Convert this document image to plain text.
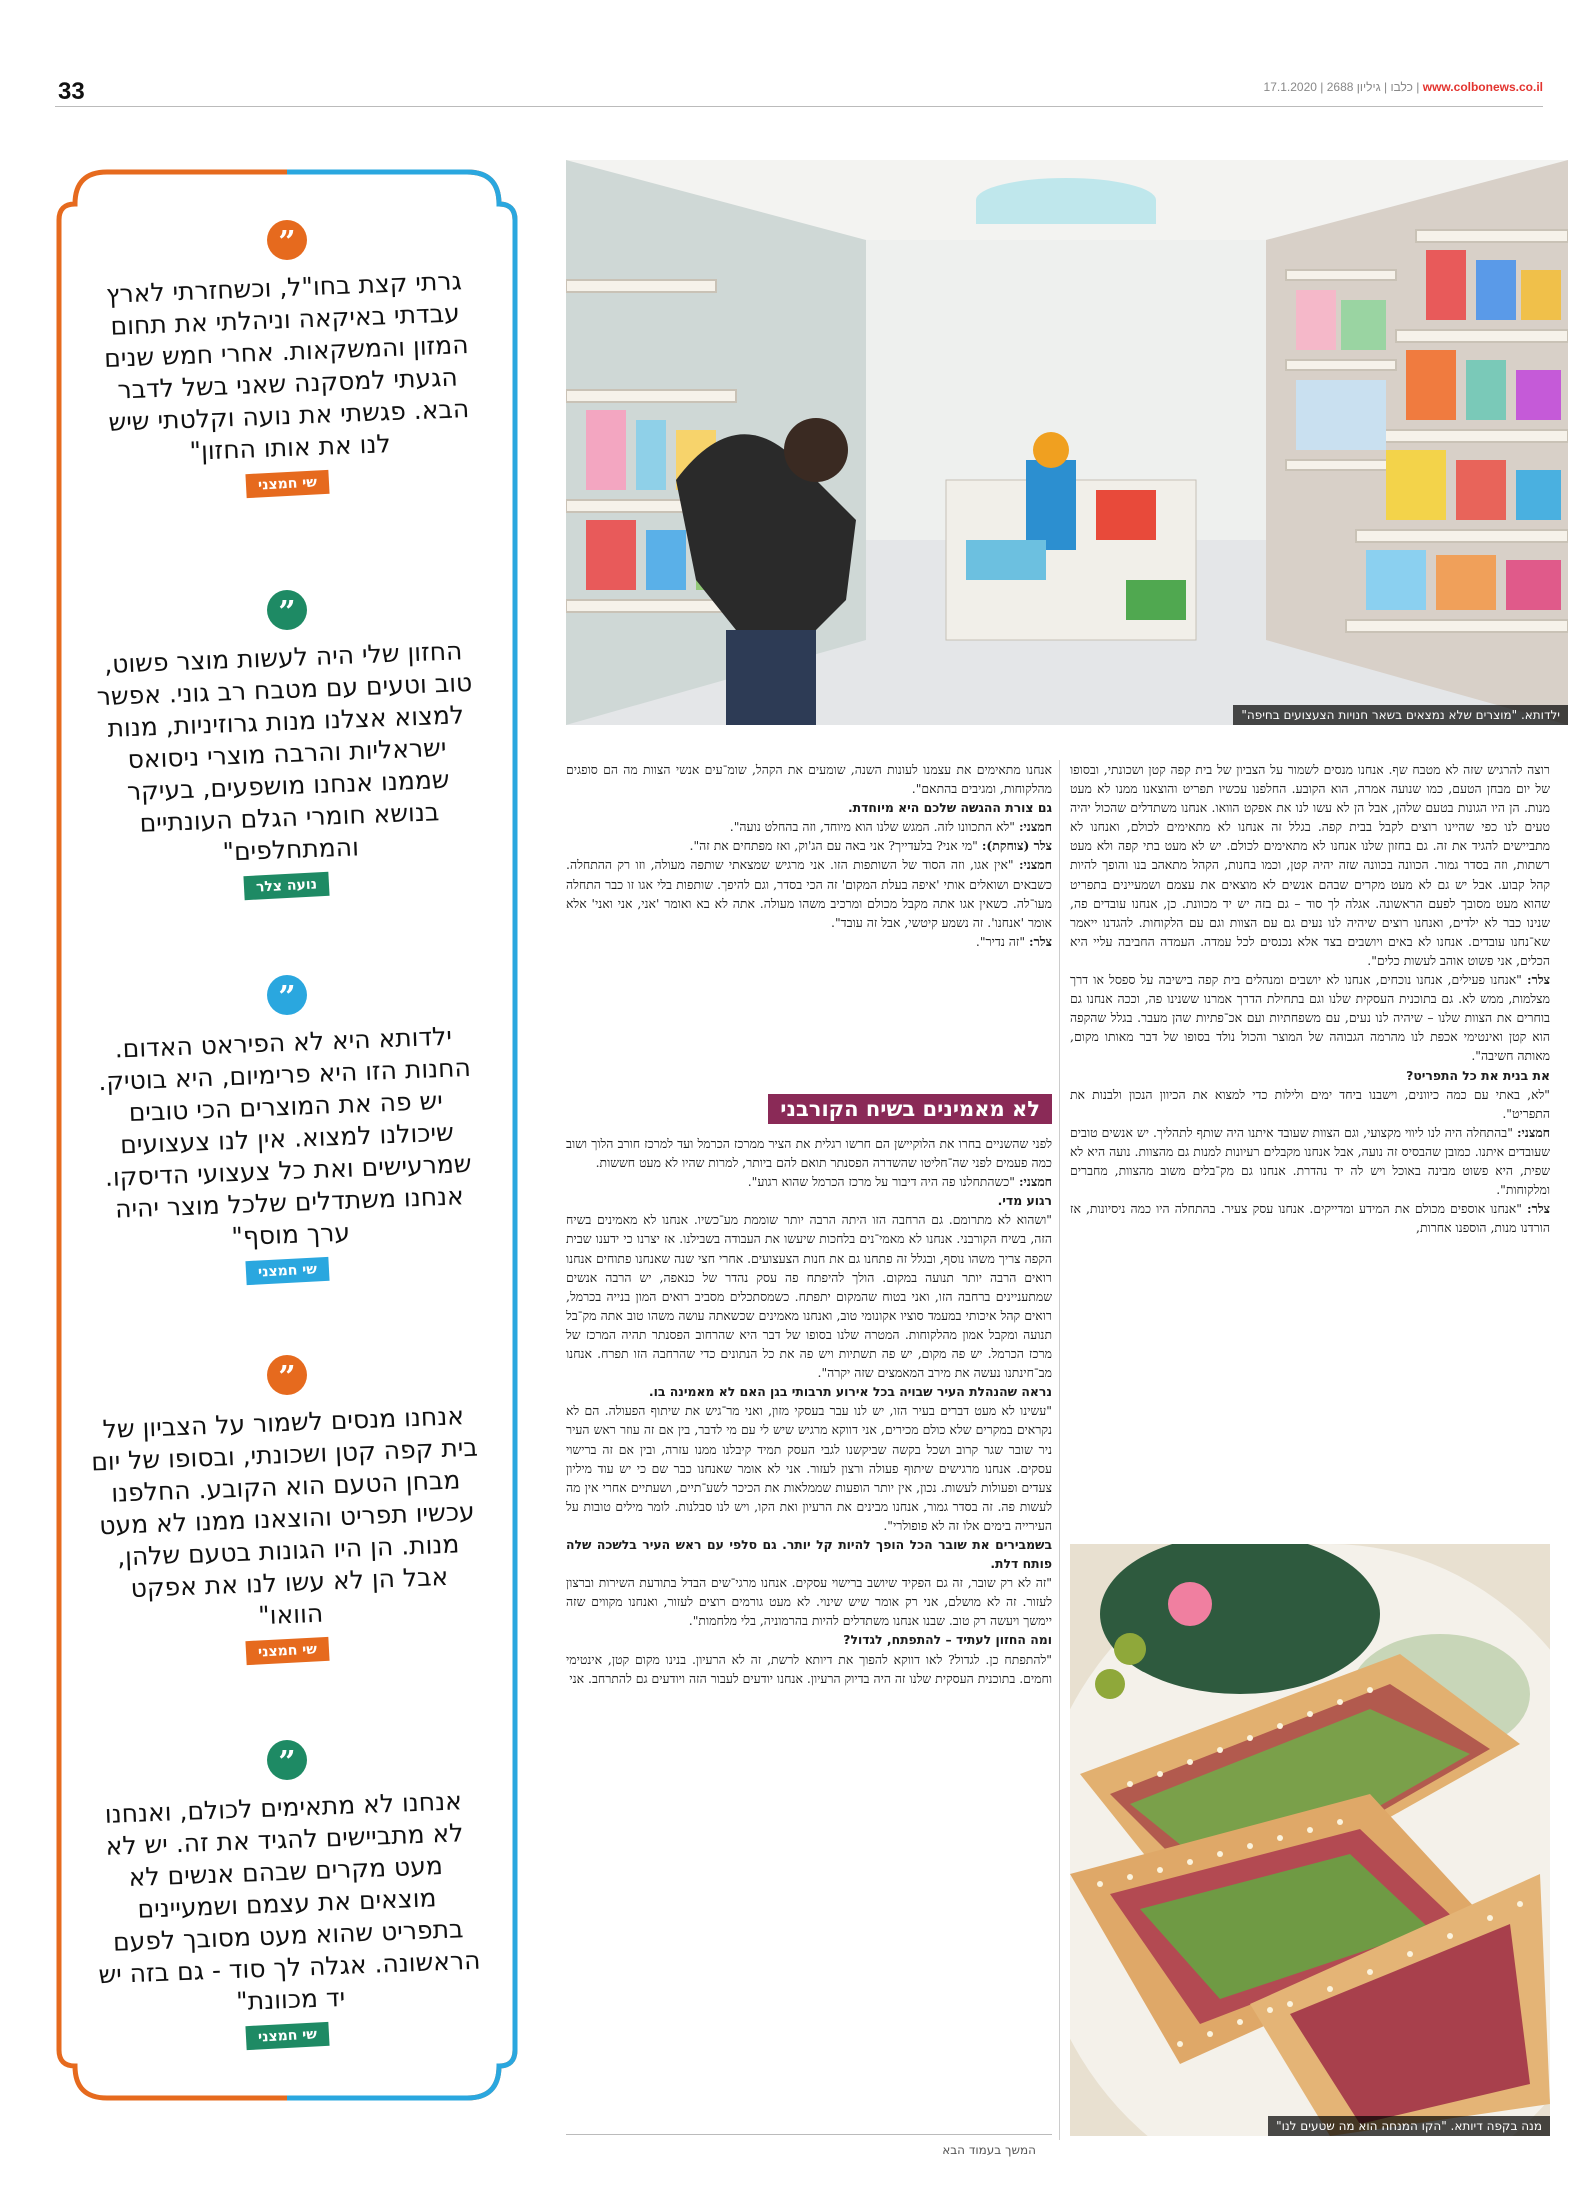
33	www.colbonews.co.il | כלבו | גיליון 2688 | 17.1.2020
”
גרתי קצת בחו"ל, וכשחזרתי לארץ עבדתי באיקאה וניהלתי את תחום המזון והמשקאות. אחרי חמש שנים הגעתי למסקנה שאני בשל לדבר הבא. פגשתי את נועה וקלטתי שיש לנו את אותו החזון"
שי חמצני
”
החזון שלי היה לעשות מוצר פשוט, טוב וטעים עם מטבח רב גוני. אפשר למצוא אצלנו מנות גרוזיניות, מנות ישראליות והרבה מוצרי ניסואס שממנו אנחנו מושפעים, בעיקר בנושא חומרי הגלם העונתיים והמתחלפים"
נועה צלר
”
ילדותא היא לא הפיראט האדום. החנות הזו היא פרימיום, היא בוטיק. יש פה את המוצרים הכי טובים שיכולנו למצוא. אין לנו צעצועים שמרעישים ואת כל צעצועי הדיסקו. אנחנו משתדלים שלכל מוצר יהיה ערך מוסף"
שי חמצני
”
אנחנו מנסים לשמור על הצביון של בית קפה קטן ושכונתי, ובסופו של יום מבחן הטעם הוא הקובע. החלפנו עכשיו תפריט והוצאנו ממנו לא מעט מנות. הן היו הגונות בטעם שלהן, אבל הן לא עשו לנו את אפקט הוואו"
שי חמצני
”
אנחנו לא מתאימים לכולם, ואנחנו לא מתביישים להגיד את זה. יש לא מעט מקרים שבהם אנשים לא מוצאים את עצמם ושמעיינים בתפריט שהוא מעט מסובך לפעם הראשונה. אגלה לך סוד - גם בזה יש יד מכוונת"
שי חמצני
ילדותא. "מוצרים שלא נמצאים בשאר חנויות הצעצועים בחיפה"

רוצה להרגיש שזה לא מטבח שף. אנחנו מנסים לשמור על הצביון של בית קפה קטן ושכונתי, ובסופו של יום מבחן הטעם, כמו שנועה אמרה, הוא הקובע. החלפנו עכשיו תפריט והוצאנו ממנו לא מעט מנות. הן היו הגונות בטעם שלהן, אבל הן לא עשו לנו את אפקט הוואו. אנחנו משתדלים שהכול יהיה טעים לנו כפי שהיינו רוצים לקבל בבית קפה. בגלל זה אנחנו לא מתאימים לכולם, ואנחנו לא מתביישים להגיד את זה. גם בחזון שלנו אנחנו לא מתאימים לכולם. יש לא מעט בתי קפה ולא מעט רשתות, וזה בסדר גמור. הכוונה בכוונה שזה יהיה קטן, וכמו בחנות, הקהל מתאהב בנו והופך להיות קהל קבוע. אבל יש גם לא מעט מקרים שבהם אנשים לא מוצאים את עצמם ושמעיינים בתפריט שהוא מעט מסובך לפעם הראשונה. אגלה לך סוד – גם בזה יש יד מכוונת. כן, אנחנו עובדים פה, שנינו כבר לא ילדים, ואנחנו רוצים שיהיה לנו נעים גם עם הצוות וגם עם הלקוחות. להגדנו ייאמר שא־נחנו עובדים. אנחנו לא באים ויושבים בצד אלא נכנסים לכל עמדה. העמדה החביבה עליי היא הכלים, אני פשוט אוהב לעשות כלים".

צלר: "אנחנו פעילים, אנחנו נוכחים, אנחנו לא יושבים ומנהלים בית קפה בישיבה על ספסל או דרך מצלמות, ממש לא. גם בתוכנית העסקית שלנו וגם בתחילת הדרך אמרנו ששנינו פה, וככה אנחנו גם בוחרים את הצוות שלנו – שיהיה לנו נעים, עם משפחתיות ועם אכ־פתיות שהן מעבר. בגלל שהקפה הוא קטן ואינטימי אכפת לנו מהרמה הגבוהה של המוצר והכול נולד בסופו של דבר מאותו מקום, מאותה חשיבה".

את בנית את כל התפריט?

"לא, באתי עם כמה כיוונים, וישבנו ביחד ימים ולילות כדי למצוא את הכיוון הנכון ולבנות את התפריט".

חמצני: "בהתחלה היה לנו ליווי מקצועי, וגם הצוות שעובד איתנו היה שותף לתהליך. יש אנשים טובים שעובדים איתנו. כמובן שהבסיס זה נועה, אבל אנחנו מקבלים רעיונות למנות גם מהצוות. נועה היא לא שפית, היא פשוט מבינה באוכל ויש לה יד נהדרת. אנחנו גם מק־בלים משוב מהצוות, מחברים ומלקוחות".

צלר: "אנחנו אוספים מכולם את המידע ומדייקים. אנחנו עסק צעיר. בהתחלה היו כמה ניסיונות, אז הורדנו מנות, הוספנו אחרות,

אנחנו מתאימים את עצמנו לעונות השנה, שומעים את הקהל, שומ־עים אנשי הצוות מה הם סופגים מהלקוחות, ומגיבים בהתאם".

גם צורת ההגשה שלכם היא מיוחדת.

חמצני: "לא התכוונו לזה. המגש שלנו הוא מיוחד, וזה בהחלט נועה".

צלר (צוחקת): "מי אני? בלעדייך? אני באה עם הג'וק, ואז מפתחים את זה".

חמצני: "אין אגו, וזה הסוד של השותפות הזו. אני מרגיש שמצאתי שותפה מעולה, וזו רק ההתחלה. כשבאים ושואלים אותי 'איפה בעלת המקום' זה הכי בסדר, וגם להיפך. שותפות בלי אגו זו כבר התחלה מעו־לה. כשאין אגו אתה מקבל מכולם ומרכיב משהו מעולה. אתה לא בא ואומר 'אני, אני ואני' אלא אומר 'אנחנו'. זה נשמע קיטשי, אבל זה עובד".

צלר: "זה נדיר".

לא מאמינים בשיח הקורבני

לפני שהשניים בחרו את הלוקיישן הם חרשו רגלית את הציר ממרכז הכרמל ועד למרכז חורב הלוך ושוב כמה פעמים לפני שה־חליטו שהשדרה הפסנתר תואם להם ביותר, למרות שהיו לא מעט חששות.

חמצני: "כשהתחלנו פה היה דיבור על מרכז הכרמל שהוא רגוע".

רגוע מדי.

"ושהוא לא מתרומם. גם הרחבה הזו היתה הרבה יותר שוממת מע־כשיו. אנחנו לא מאמינים בשיח הזה, בשיח הקורבני. אנחנו לא מאמי־נים בלחכות שיעשו את העבודה בשבילנו. אז יצרנו כי ידענו שבית הקפה צריך משהו נוסף, ובגלל זה פתחנו גם את חנות הצעצועים. אחרי חצי שנה שאנחנו פתוחים אנחנו רואים הרבה יותר תנועה במקום. הולך להיפתח פה עסק נהדר של כנאפה, יש הרבה אנשים שמתעניינים ברחבה הזו, ואני בטוח שהמקום יתפתח. כשמסתכלים מסביב רואים המון בנייה בכרמל, רואים קהל איכותי במעמד סוציו אקונומי טוב, ואנחנו מאמינים שכשאתה עושה משהו טוב אתה מק־בל תנועה ומקבל אמון מהלקוחות. המטרה שלנו בסופו של דבר היא שהרחוב הפסנתר תהיה המרכז של מרכז הכרמל. יש פה מקום, יש פה תשתיות ויש פה את כל הנתונים כדי שהרחבה הזו תפרח. אנחנו מב־חינתנו נעשה את מירב המאמצים שזה יקרה".

נראה שהנהלת העיר שבויה בכל אירוע תרבותי בגן האם לא מאמינה בו.

"עשינו לא מעט דברים בעיר הזו, יש לנו עבר בעסקי מזון, ואני מר־גיש את שיתוף הפעולה. הם לא נקראים במקרים שלא כולם מכירים, אני דווקא מרגיש שיש לי עם מי לדבר, בין אם זה עוזר ראש העיר ניר שובר שגר קרוב ושכל בקשה שביקשנו לגבי העסק תמיד קיבלנו ממנו עזרה, ובין אם זה ברישוי עסקים. אנחנו מרגישים שיתוף פעולה ורצון לעזור. אני לא אומר שאנחנו כבר שם כי יש עוד מיליון צעדים ופעולות לעשות. נכון, אין יותר הופעות שממלאות את הכיכר לשע־תיים, ושעתיים אחרי אין מה לעשות פה. זה בסדר גמור, אנחנו מבינים את הרעיון ואת הקו, ויש לנו סבלנות. לומר מילים טובות על העירייה בימים אלו זה לא פופולרי".

בשמבירים את שובר הכל הופך להיות קל יותר. גם סלפי עם ראש העיר בלשכה שלה פותח דלת.

"זה לא רק שובר, זה גם הפקיד שיושב ברישוי עסקים. אנחנו מרגי־שים הבדל בתודעת השירות וברצון לעזור. זה לא מושלם, אני רק אומר שיש שינוי. לא מעט גורמים רוצים לעזור, ואנחנו מקווים שזה יימשך ויעשה רק טוב. שבנו אנחנו משתדלים להיות בהרמוניה, בלי מלחמות".

ומה החזון לעתיד – להתפתח, לגדול?

"להתפתח כן. לגדול? לאו דווקא להפוך את דיותא לרשת, זה לא הרעיון. בנינו מקום קטן, אינטימי וחמים. בתוכנית העסקית שלנו זה היה בדיוק הרעיון. אנחנו יודעים לעבור הזה ויודעים גם להתרחב. אני

המשך בעמוד הבא
מנה בקפה דיותא. "הקו המנחה הוא מה שטעים לנו"
